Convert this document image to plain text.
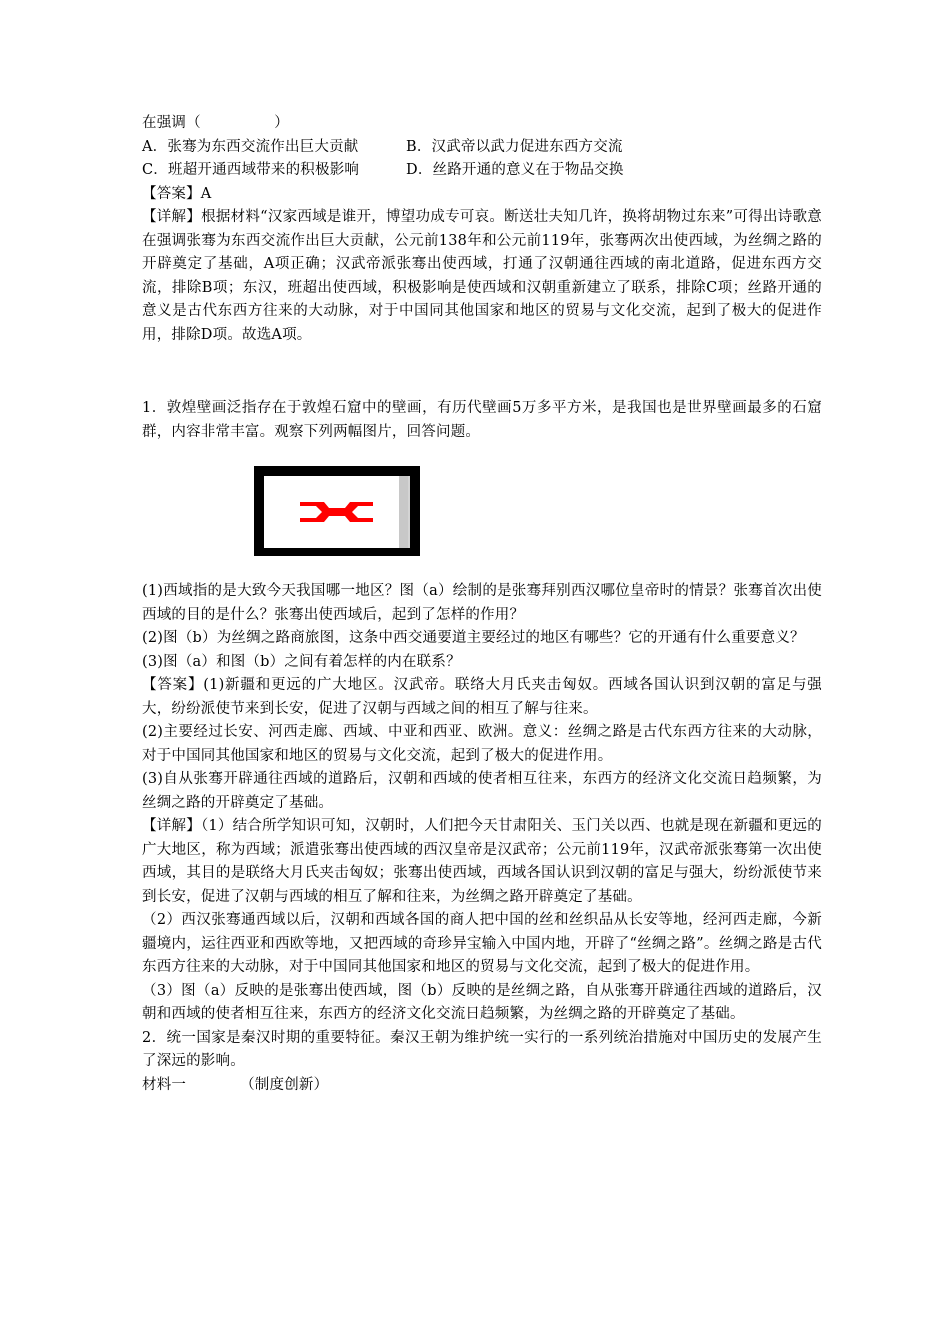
在强调（　　　　　）
A．张骞为东西交流作出巨大贡献	B．汉武帝以武力促进东西方交流
C．班超开通西域带来的积极影响	D．丝路开通的意义在于物品交换
【答案】A

【详解】根据材料“汉家西域是谁开，博望功成专可哀。断送壮夫知几许，换将胡物过东来”可得出诗歌意在强调张骞为东西交流作出巨大贡献，公元前138年和公元前119年，张骞两次出使西域，为丝绸之路的开辟奠定了基础，A项正确；汉武帝派张骞出使西域，打通了汉朝通往西域的南北道路，促进东西方交流，排除B项；东汉，班超出使西域，积极影响是使西域和汉朝重新建立了联系，排除C项；丝路开通的意义是古代东西方往来的大动脉，对于中国同其他国家和地区的贸易与文化交流，起到了极大的促进作用，排除D项。故选A项。

1．敦煌壁画泛指存在于敦煌石窟中的壁画，有历代壁画5万多平方米，是我国也是世界壁画最多的石窟群，内容非常丰富。观察下列两幅图片，回答问题。

(1)西域指的是大致今天我国哪一地区？图（a）绘制的是张骞拜别西汉哪位皇帝时的情景？张骞首次出使西域的目的是什么？张骞出使西域后，起到了怎样的作用？

(2)图（b）为丝绸之路商旅图，这条中西交通要道主要经过的地区有哪些？它的开通有什么重要意义？

(3)图（a）和图（b）之间有着怎样的内在联系？

【答案】(1)新疆和更远的广大地区。汉武帝。联络大月氏夹击匈奴。西域各国认识到汉朝的富足与强大，纷纷派使节来到长安，促进了汉朝与西域之间的相互了解与往来。

(2)主要经过长安、河西走廊、西域、中亚和西亚、欧洲。意义：丝绸之路是古代东西方往来的大动脉，对于中国同其他国家和地区的贸易与文化交流，起到了极大的促进作用。

(3)自从张骞开辟通往西域的道路后，汉朝和西域的使者相互往来，东西方的经济文化交流日趋频繁，为丝绸之路的开辟奠定了基础。

【详解】（1）结合所学知识可知，汉朝时，人们把今天甘肃阳关、玉门关以西、也就是现在新疆和更远的广大地区，称为西域；派遣张骞出使西域的西汉皇帝是汉武帝；公元前119年，汉武帝派张骞第一次出使西域，其目的是联络大月氏夹击匈奴；张骞出使西域，西域各国认识到汉朝的富足与强大，纷纷派使节来到长安，促进了汉朝与西域的相互了解和往来，为丝绸之路开辟奠定了基础。

（2）西汉张骞通西域以后，汉朝和西域各国的商人把中国的丝和丝织品从长安等地，经河西走廊，今新疆境内，运往西亚和西欧等地，又把西域的奇珍异宝输入中国内地，开辟了“丝绸之路”。丝绸之路是古代东西方往来的大动脉，对于中国同其他国家和地区的贸易与文化交流，起到了极大的促进作用。

（3）图（a）反映的是张骞出使西域，图（b）反映的是丝绸之路，自从张骞开辟通往西域的道路后，汉朝和西域的使者相互往来，东西方的经济文化交流日趋频繁，为丝绸之路的开辟奠定了基础。

2．统一国家是秦汉时期的重要特征。秦汉王朝为维护统一实行的一系列统治措施对中国历史的发展产生了深远的影响。

材料一	（制度创新）
